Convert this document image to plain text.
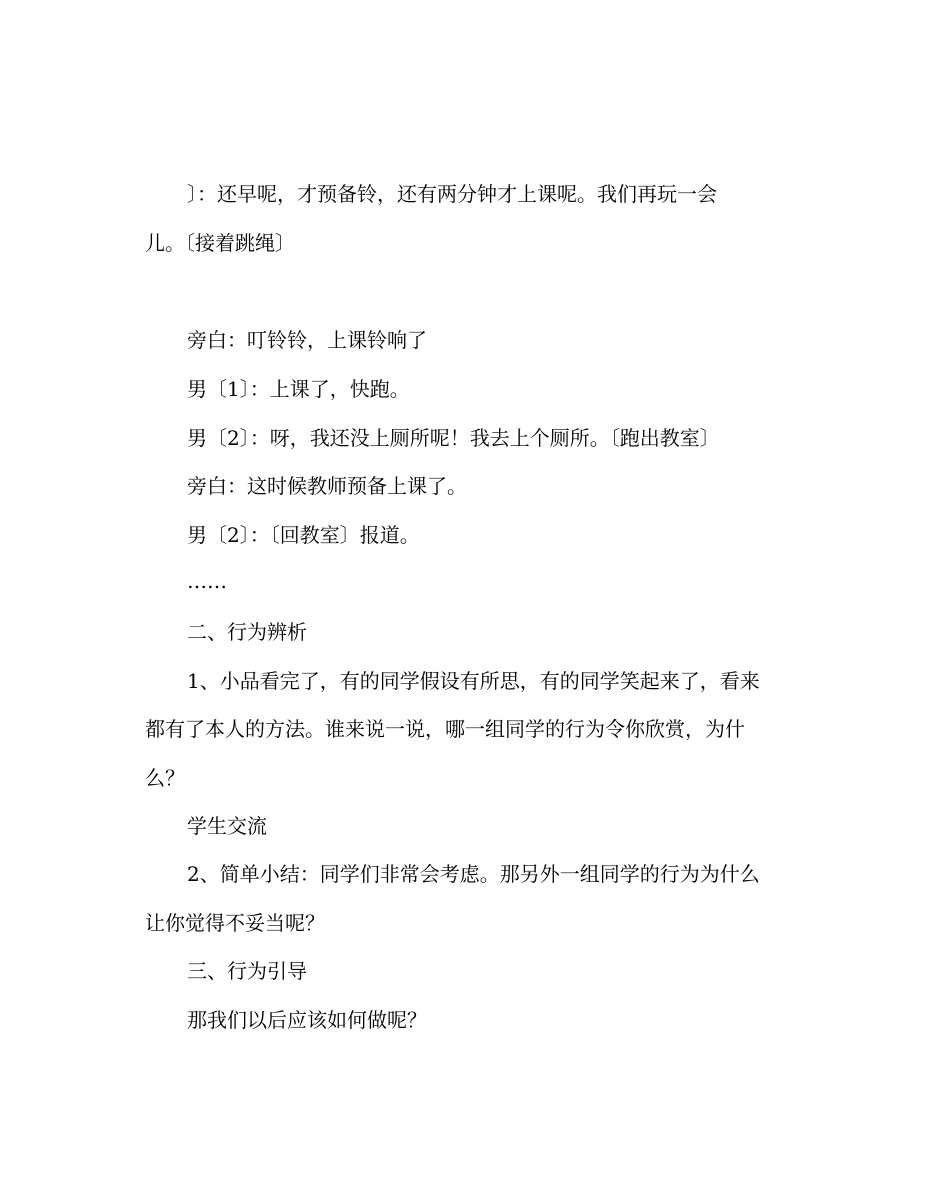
〕：还早呢，才预备铃，还有两分钟才上课呢。我们再玩一会
儿。〔接着跳绳〕
旁白：叮铃铃，上课铃响了
男〔1〕：上课了，快跑。
男〔2〕：呀，我还没上厕所呢！我去上个厕所。〔跑出教室〕
旁白：这时候教师预备上课了。
男〔2〕：〔回教室〕报道。
……
二、行为辨析
1、小品看完了，有的同学假设有所思，有的同学笑起来了，看来
都有了本人的方法。谁来说一说，哪一组同学的行为令你欣赏，为什
么？
学生交流
2、简单小结：同学们非常会考虑。那另外一组同学的行为为什么
让你觉得不妥当呢？
三、行为引导
那我们以后应该如何做呢？
